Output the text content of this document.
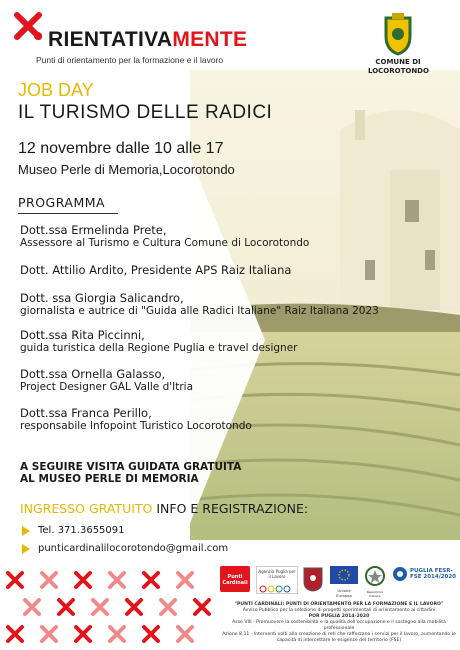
RIENTATIVAMENTE
Punti di orientamento per la formazione e il lavoro	COMUNE DI LOCOROTONDO
JOB DAY
IL TURISMO DELLE RADICI
12 novembre dalle 10 alle 17
Museo Perle di Memoria,Locorotondo
PROGRAMMA
Dott.ssa Ermelinda Prete,
Assessore al Turismo e Cultura Comune di Locorotondo
Dott. Attilio Ardito, Presidente APS Raiz Italiana
Dott. ssa Giorgia Salicandro,
giornalista e autrice di "Guida alle Radici Italiane" Raiz Italiana 2023
Dott.ssa Rita Piccinni,
guida turistica della Regione Puglia e travel designer
Dott.ssa Ornella Galasso,
Project Designer GAL Valle d'Itria
Dott.ssa Franca Perillo,
responsabile Infopoint Turistico Locorotondo
A SEGUIRE VISITA GUIDATA GRATUITA
AL MUSEO PERLE DI MEMORIA
INGRESSO GRATUITO INFO E REGISTRAZIONE:
Tel. 371.3655091
punticardinalilocorotondo@gmail.com
Punti Cardinali
Agenzia Puglia per il Lavoro
Unione Europea
Repubblica Italiana
PUGLIA FESR-FSE 2014/2020
"PUNTI CARDINALI: PUNTI DI ORIENTAMENTO PER LA FORMAZIONE E IL LAVORO"
Avviso Pubblico per la selezione di progetti sperimentali di orientamento ai cittadini
POR PUGLIA 2014-2020
Asse VIII - Promuovere la sostenibilità e la qualità dell'occupazione e il sostegno alla mobilità professionale
Azione 8.11 - Interventi volti alla creazione di reti che rafforzano i servizi per il lavoro, aumentando le capacità di intercettare le esigenze del territorio (FSE)
